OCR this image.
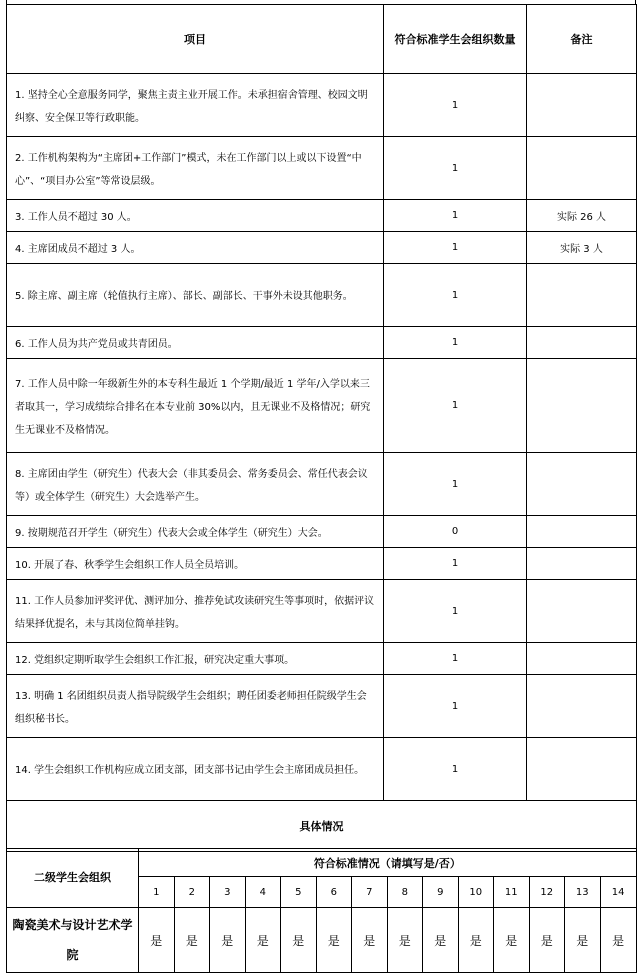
项目	符合标准学生会组织数量	备注
1. 坚持全心全意服务同学，聚焦主责主业开展工作。未承担宿舍管理、校园文明纠察、安全保卫等行政职能。	1	
2. 工作机构架构为“主席团+工作部门”模式，未在工作部门以上或以下设置“中心”、“项目办公室”等常设层级。	1	
3. 工作人员不超过 30 人。	1	实际 26 人
4. 主席团成员不超过 3 人。	1	实际 3 人
5. 除主席、副主席（轮值执行主席）、部长、副部长、干事外未设其他职务。	1	
6. 工作人员为共产党员或共青团员。	1	
7. 工作人员中除一年级新生外的本专科生最近 1 个学期/最近 1 学年/入学以来三者取其一，学习成绩综合排名在本专业前 30%以内，且无课业不及格情况；研究生无课业不及格情况。	1	
8. 主席团由学生（研究生）代表大会（非其委员会、常务委员会、常任代表会议等）或全体学生（研究生）大会选举产生。	1	
9. 按期规范召开学生（研究生）代表大会或全体学生（研究生）大会。	0	
10. 开展了春、秋季学生会组织工作人员全员培训。	1	
11. 工作人员参加评奖评优、测评加分、推荐免试攻读研究生等事项时，依据评议结果择优提名，未与其岗位简单挂钩。	1	
12. 党组织定期听取学生会组织工作汇报，研究决定重大事项。	1	
13. 明确 1 名团组织员责人指导院级学生会组织；聘任团委老师担任院级学生会组织秘书长。	1	
14. 学生会组织工作机构应成立团支部，团支部书记由学生会主席团成员担任。	1	
具体情况		
二级学生会组织	符合标准情况（请填写是/否）													
	1	2	3	4	5	6	7	8	9	10	11	12	13	14
陶瓷美术与设计艺术学院	是	是	是	是	是	是	是	是	是	是	是	是	是	是
